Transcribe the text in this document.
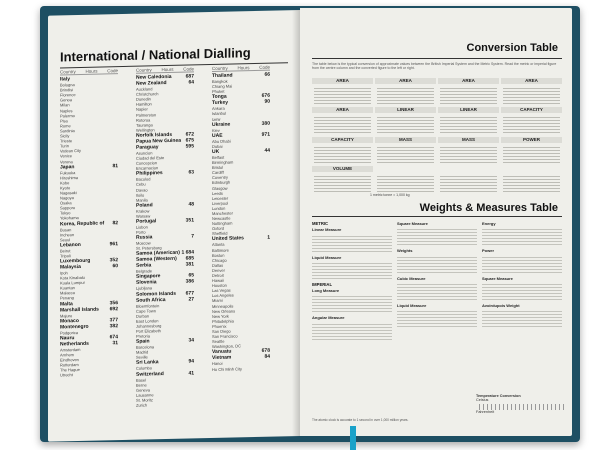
International / National Dialling
Country Hours Code
Italy
Bologna
Brindisi
Florence
Genoa
Milan
Naples
Palermo
Pisa
Rome
Sardinia
Sicily
Trieste
Turin
Vatican City
Venice
Verona
Japan	81
Fukuoka
Hiroshima
Kobe
Kyoto
Nagasaki
Nagoya
Osaka
Sapporo
Tokyo
Yokohama
Korea, Republic of 82
Busan
Incheon
Seoul
Lebanon	961
Beirut
Tripoli
Luxembourg	352
Malaysia	60
Ipoh
Kota Kinabalu
Kuala Lumpur
Kuantan
Malacca
Penang
Malta	356
Marshall Islands 692
Majuro
Monaco	377
Montenegro	382
Podgorica
Nauru	674
Netherlands	31
Amsterdam
Arnhem
Eindhoven
Rotterdam
The Hague
Utrecht
Country Hours Code
New Caledonia	687
New Zealand	64
Auckland
Christchurch
Dunedin
Hamilton
Napier
Palmerston
Rotorua
Tauranga
Wellington
Norfolk Islands	672
Papua New Guinea 675
Paraguay	595
Asuncion
Ciudad del Este
Concepcion
Encarnacion
Philippines	63
Bacolod
Cebu
Davao
Iloilo
Manila
Poland	48
Krakow
Warsaw
Portugal	351
Lisbon
Porto
Russia	7
Moscow
St. Petersburg
Samoa (American) 1 684
Samoa (Western) 685
Serbia	381
Belgrade
Singapore	65
Slovenia	386
Ljubljana
Solomon Islands 677
South Africa	27
Bloemfontein
Cape Town
Durban
East London
Johannesburg
Port Elizabeth
Pretoria
Spain	34
Barcelona
Madrid
Seville
Sri Lanka	94
Colombo
Switzerland	41
Basel
Berne
Geneva
Lausanne
St. Moritz
Zurich
Country Hours Code
Thailand	66
Bangkok
Chiang Mai
Phuket
Tonga	676
Turkey	90
Ankara
Istanbul
Izmir
Ukraine	380
Kiev
UAE	971
Abu Dhabi
Dubai
UK	44
Belfast
Birmingham
Bristol
Cardiff
Coventry
Edinburgh
Glasgow
Leeds
Leicester
Liverpool
London
Manchester
Newcastle
Nottingham
Oxford
Sheffield
United States	1
Atlanta
Baltimore
Boston
Chicago
Dallas
Denver
Detroit
Hawaii
Houston
Las Vegas
Los Angeles
Miami
Minneapolis
New Orleans
New York
Philadelphia
Phoenix
San Diego
San Francisco
Seattle
Washington, DC
Vanuatu	678
Vietnam	84
Hanoi
Ho Chi Minh City
Conversion Table
The table below is the typical conversion of approximate values between the British Imperial System and the Metric System. Read the metric or imperial figure from the centre column and the converted figure to the left or right.
AREA	AREA	AREA	AREA
AREA	LINEAR	LINEAR	CAPACITY
CAPACITY	MASS	MASS	POWER
VOLUME
1 metric tonne = 1,000 kg
Weights & Measures Table
METRIC
Linear Measure
Liquid Measure
IMPERIAL
Long Measure
Angular Measure
Square Measure
Weights
Cubic Measure
Liquid Measure
Energy
Power
Square Measure
Avoirdupois Weight
Temperature Conversion
Celsius
Fahrenheit
The atomic clock is accurate to 1 second in over 1,000 million years.
